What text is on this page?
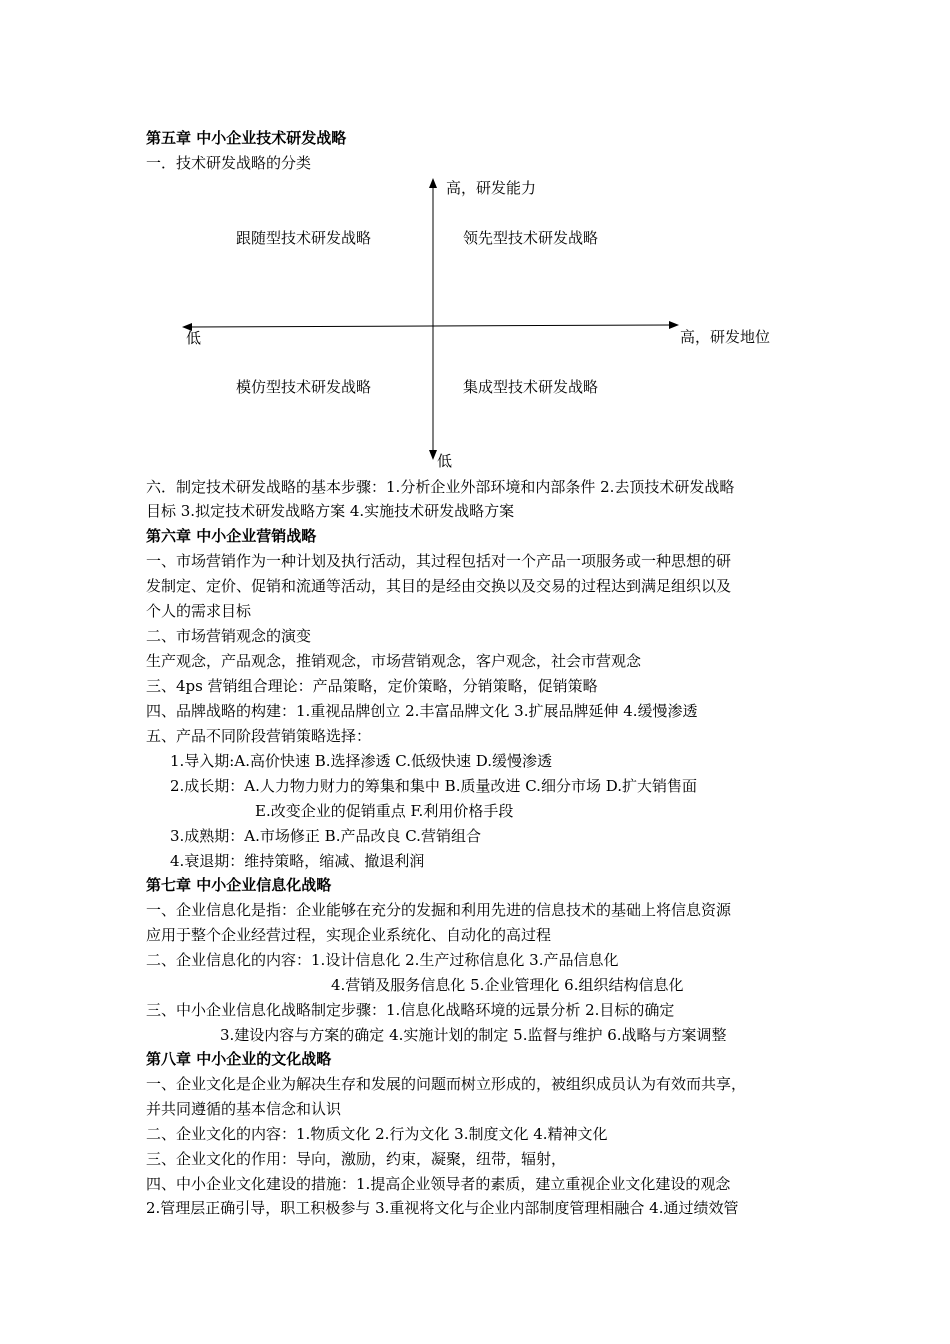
第五章 中小企业技术研发战略
一．技术研发战略的分类
高，研发能力
跟随型技术研发战略	领先型技术研发战略
低	高，研发地位
模仿型技术研发战略	集成型技术研发战略
低
六．制定技术研发战略的基本步骤：1.分析企业外部环境和内部条件 2.去顶技术研发战略
目标 3.拟定技术研发战略方案 4.实施技术研发战略方案
第六章 中小企业营销战略
一、市场营销作为一种计划及执行活动，其过程包括对一个产品一项服务或一种思想的研
发制定、定价、促销和流通等活动，其目的是经由交换以及交易的过程达到满足组织以及
个人的需求目标
二、市场营销观念的演变
生产观念，产品观念，推销观念，市场营销观念，客户观念，社会市营观念
三、4ps 营销组合理论：产品策略，定价策略，分销策略，促销策略
四、品牌战略的构建：1.重视品牌创立 2.丰富品牌文化 3.扩展品牌延伸 4.缓慢渗透
五、产品不同阶段营销策略选择：
1.导入期:A.高价快速 B.选择渗透 C.低级快速 D.缓慢渗透
2.成长期：A.人力物力财力的筹集和集中 B.质量改进 C.细分市场 D.扩大销售面
E.改变企业的促销重点 F.利用价格手段
3.成熟期：A.市场修正 B.产品改良 C.营销组合
4.衰退期：维持策略，缩减、撤退利润
第七章 中小企业信息化战略
一、企业信息化是指：企业能够在充分的发掘和利用先进的信息技术的基础上将信息资源
应用于整个企业经营过程，实现企业系统化、自动化的高过程
二、企业信息化的内容：1.设计信息化 2.生产过称信息化 3.产品信息化
4.营销及服务信息化 5.企业管理化 6.组织结构信息化
三、中小企业信息化战略制定步骤：1.信息化战略环境的远景分析 2.目标的确定
3.建设内容与方案的确定 4.实施计划的制定 5.监督与维护 6.战略与方案调整
第八章 中小企业的文化战略
一、企业文化是企业为解决生存和发展的问题而树立形成的，被组织成员认为有效而共享，
并共同遵循的基本信念和认识
二、企业文化的内容：1.物质文化 2.行为文化 3.制度文化 4.精神文化
三、企业文化的作用：导向，激励，约束，凝聚，纽带，辐射，
四、中小企业文化建设的措施：1.提高企业领导者的素质，建立重视企业文化建设的观念
2.管理层正确引导，职工积极参与 3.重视将文化与企业内部制度管理相融合 4.通过绩效管
